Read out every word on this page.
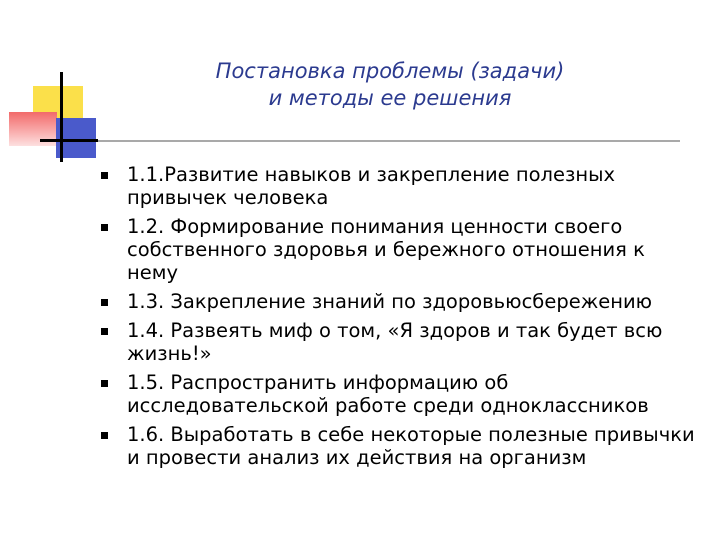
Постановка проблемы (задачи)
и методы ее решения
1.1.Развитие навыков и закрепление полезных привычек человека
1.2. Формирование понимания ценности своего собственного здоровья и бережного отношения к нему
1.3. Закрепление знаний по здоровьюсбережению
1.4. Развеять миф о том, «Я здоров и так будет всю жизнь!»
1.5. Распространить информацию об исследовательской работе среди одноклассников
1.6. Выработать в себе некоторые полезные привычки и провести анализ их действия на организм
